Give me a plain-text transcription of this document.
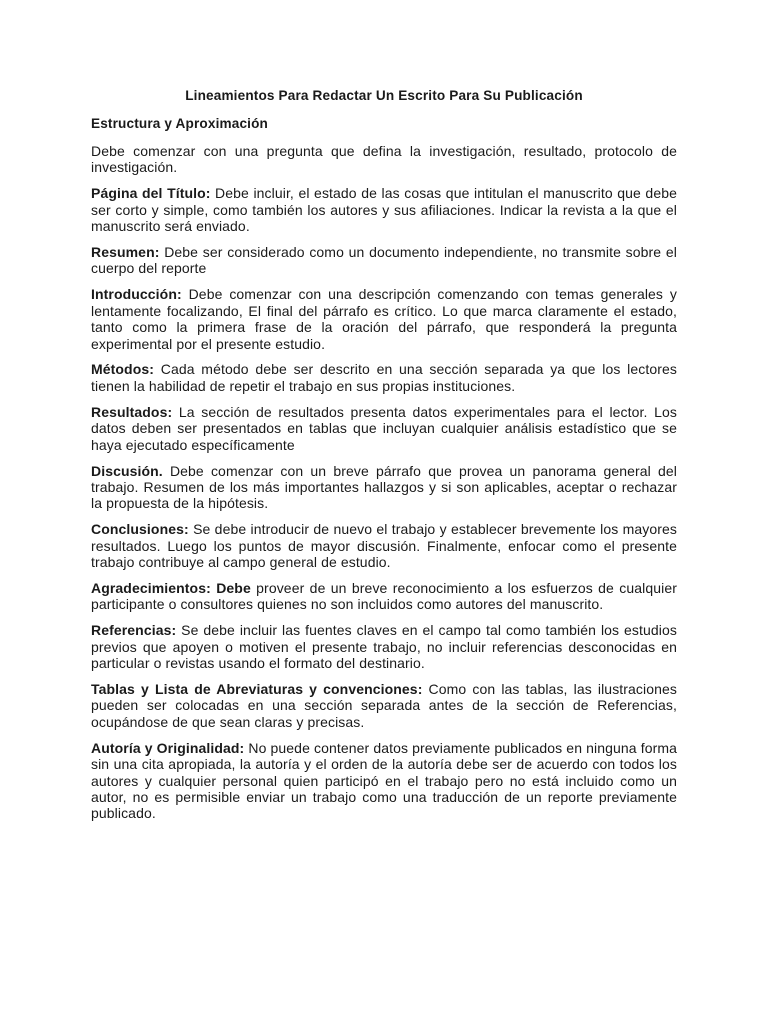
Lineamientos Para Redactar Un Escrito Para Su Publicación
Estructura y Aproximación

Debe comenzar con una pregunta que defina la investigación, resultado, protocolo de investigación.

Página del Título: Debe incluir, el estado de las cosas que intitulan el manuscrito que debe ser corto y simple, como también los autores y sus afiliaciones. Indicar la revista a la que el manuscrito será enviado.

Resumen: Debe ser considerado como un documento independiente, no transmite sobre el cuerpo del reporte

Introducción: Debe comenzar con una descripción comenzando con temas generales y lentamente focalizando, El final del párrafo es crítico. Lo que marca claramente el estado, tanto como la primera frase de la oración del párrafo, que responderá la pregunta experimental por el presente estudio.

Métodos: Cada método debe ser descrito en una sección separada ya que los lectores tienen la habilidad de repetir el trabajo en sus propias instituciones.

Resultados: La sección de resultados presenta datos experimentales para el lector. Los datos deben ser presentados en tablas que incluyan cualquier análisis estadístico que se haya ejecutado específicamente

Discusión. Debe comenzar con un breve párrafo que provea un panorama general del trabajo. Resumen de los más importantes hallazgos y si son aplicables, aceptar o rechazar la propuesta de la hipótesis.

Conclusiones: Se debe introducir de nuevo el trabajo y establecer brevemente los mayores resultados. Luego los puntos de mayor discusión. Finalmente, enfocar como el presente trabajo contribuye al campo general de estudio.

Agradecimientos: Debe proveer de un breve reconocimiento a los esfuerzos de cualquier participante o consultores quienes no son incluidos como autores del manuscrito.

Referencias: Se debe incluir las fuentes claves en el campo tal como también los estudios previos que apoyen o motiven el presente trabajo, no incluir referencias desconocidas en particular o revistas usando el formato del destinario.

Tablas y Lista de Abreviaturas y convenciones: Como con las tablas, las ilustraciones pueden ser colocadas en una sección separada antes de la sección de Referencias, ocupándose de que sean claras y precisas.

Autoría y Originalidad: No puede contener datos previamente publicados en ninguna forma sin una cita apropiada, la autoría y el orden de la autoría debe ser de acuerdo con todos los autores y cualquier personal quien participó en el trabajo pero no está incluido como un autor, no es permisible enviar un trabajo como una traducción de un reporte previamente publicado.
